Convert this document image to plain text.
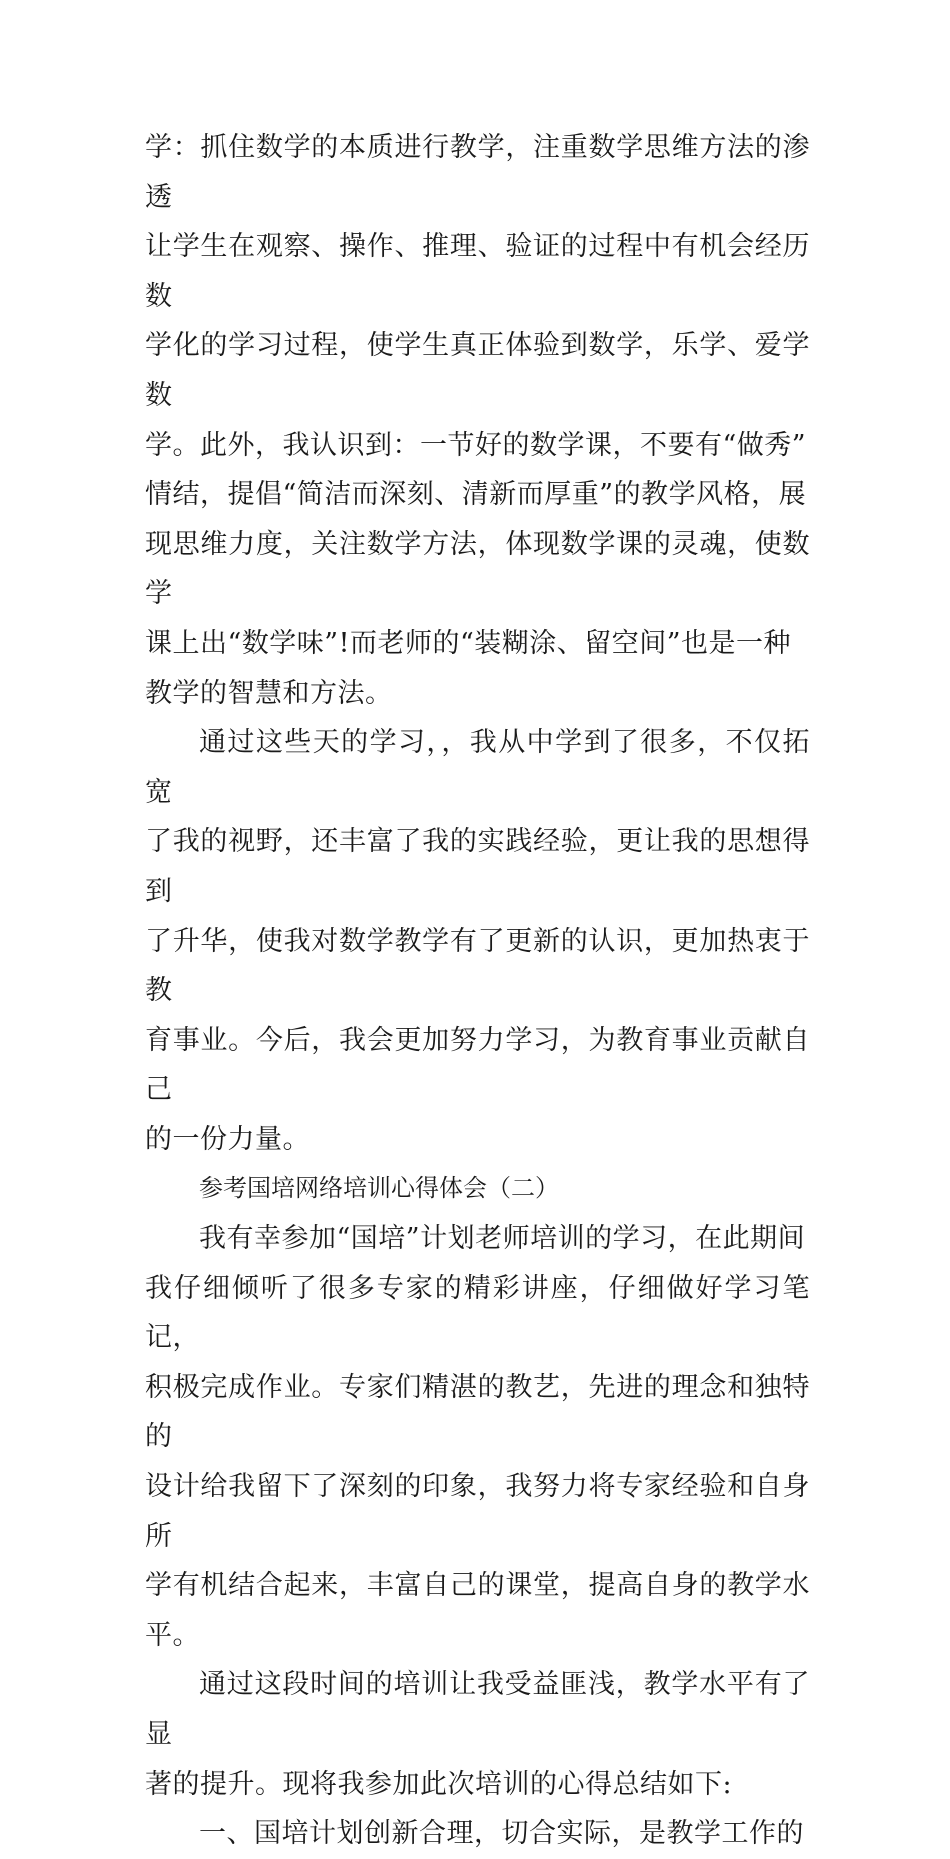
学：抓住数学的本质进行教学，注重数学思维方法的渗透
让学生在观察、操作、推理、验证的过程中有机会经历数
学化的学习过程，使学生真正体验到数学，乐学、爱学数
学。此外，我认识到：一节好的数学课，不要有“做秀”
情结，提倡“简洁而深刻、清新而厚重”的教学风格，展
现思维力度，关注数学方法，体现数学课的灵魂，使数学
课上出“数学味”!而老师的“装糊涂、留空间”也是一种
教学的智慧和方法。

通过这些天的学习，，我从中学到了很多，不仅拓宽
了我的视野，还丰富了我的实践经验，更让我的思想得到
了升华，使我对数学教学有了更新的认识，更加热衷于教
育事业。今后，我会更加努力学习，为教育事业贡献自己
的一份力量。

参考国培网络培训心得体会（二）

我有幸参加“国培”计划老师培训的学习，在此期间
我仔细倾听了很多专家的精彩讲座，仔细做好学习笔记，
积极完成作业。专家们精湛的教艺，先进的理念和独特的
设计给我留下了深刻的印象，我努力将专家经验和自身所
学有机结合起来，丰富自己的课堂，提高自身的教学水平。

通过这段时间的培训让我受益匪浅，教学水平有了显
著的提升。现将我参加此次培训的心得总结如下:

一、国培计划创新合理，切合实际，是教学工作的
